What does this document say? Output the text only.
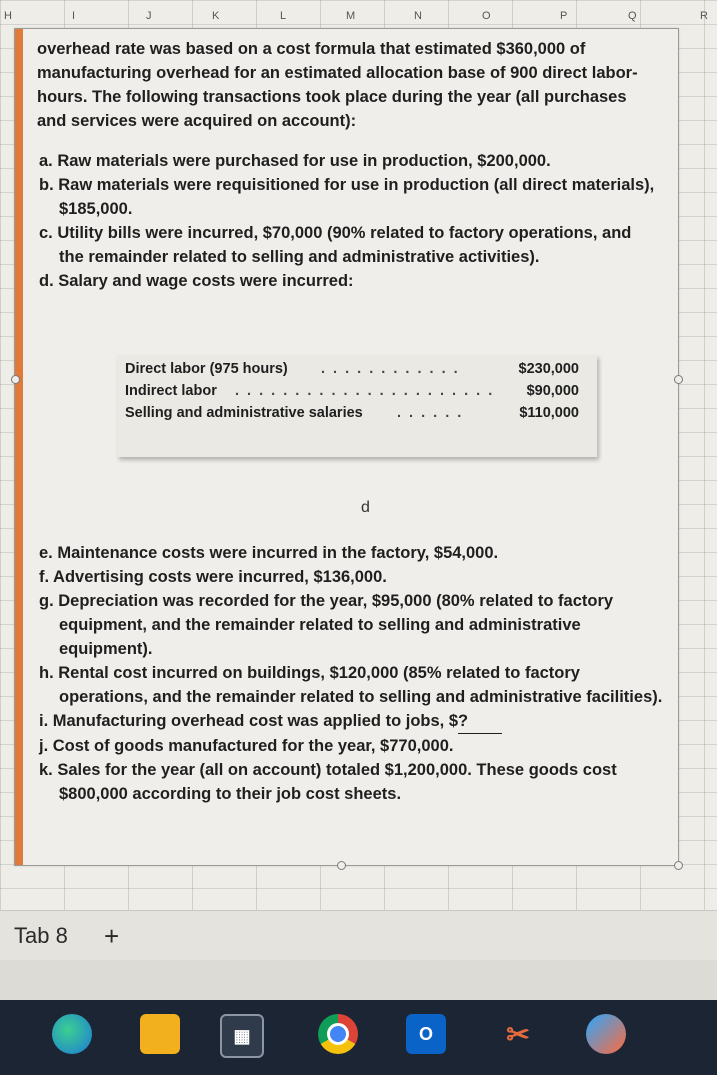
H	I	J	K	L	M	N	O	P	Q	R

overhead rate was based on a cost formula that estimated $360,000 of manufacturing overhead for an estimated allocation base of 900 direct labor-hours. The following transactions took place during the year (all purchases and services were acquired on account):

a. Raw materials were purchased for use in production, $200,000.
b. Raw materials were requisitioned for use in production (all direct materials), $185,000.
c. Utility bills were incurred, $70,000 (90% related to factory operations, and the remainder related to selling and administrative activities).
d. Salary and wage costs were incurred:
Direct labor (975 hours) . . . . . . . . . . . .	$230,000
Indirect labor . . . . . . . . . . . . . . . . . . . . . . $90,000
Selling and administrative salaries . . . . . .	$110,000
d
e. Maintenance costs were incurred in the factory, $54,000.
f. Advertising costs were incurred, $136,000.
g. Depreciation was recorded for the year, $95,000 (80% related to factory equipment, and the remainder related to selling and administrative equipment).
h. Rental cost incurred on buildings, $120,000 (85% related to factory operations, and the remainder related to selling and administrative facilities).
i. Manufacturing overhead cost was applied to jobs, $?
j. Cost of goods manufactured for the year, $770,000.
k. Sales for the year (all on account) totaled $1,200,000. These goods cost $800,000 according to their job cost sheets.
Tab 8 +
▦	O	✂
